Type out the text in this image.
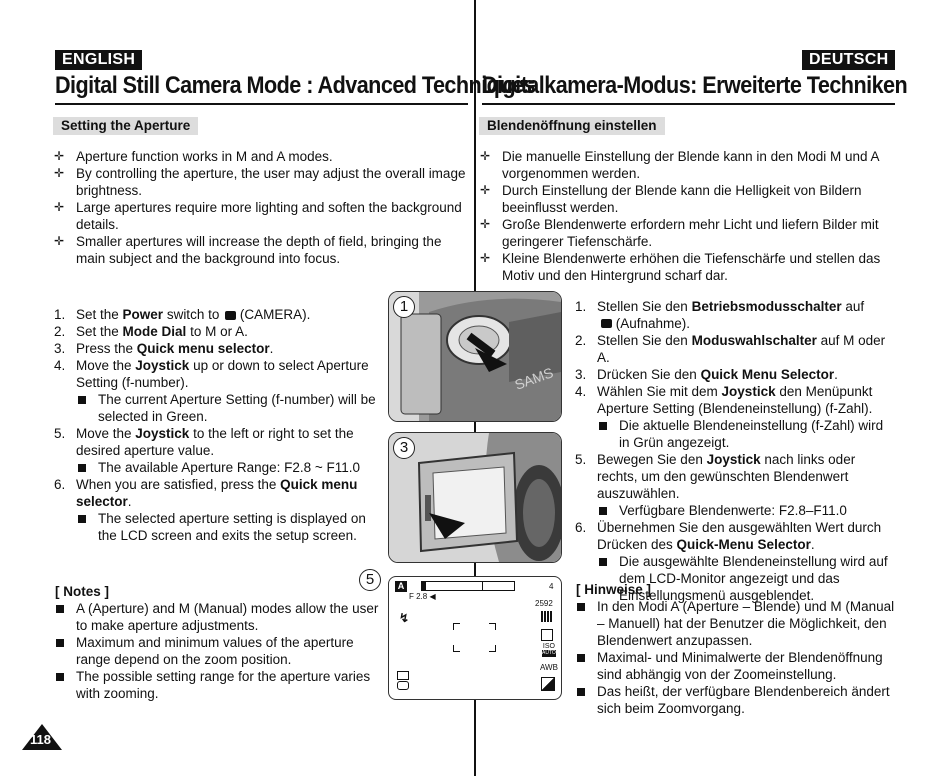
ENGLISH	DEUTSCH
Digital Still Camera Mode : Advanced Techniques
Digitalkamera-Modus: Erweiterte Techniken
Setting the Aperture	Blendenöffnung einstellen
✛ Aperture function works in M and A modes.
✛ By controlling the aperture, the user may adjust the overall image brightness.
✛ Large apertures require more lighting and soften the background details.
✛ Smaller apertures will increase the depth of field, bringing the main subject and the background into focus.
✛ Die manuelle Einstellung der Blende kann in den Modi M und A vorgenommen werden.
✛ Durch Einstellung der Blende kann die Helligkeit von Bildern beeinflusst werden.
✛ Große Blendenwerte erfordern mehr Licht und liefern Bilder mit geringerer Tiefenschärfe.
✛ Kleine Blendenwerte erhöhen die Tiefenschärfe und stellen das Motiv und den Hintergrund scharf dar.
1. Set the Power switch to  (CAMERA).
2. Set the Mode Dial to M or A.
3. Press the Quick menu selector.
4. Move the Joystick up or down to select Aperture Setting (f-number).
The current Aperture Setting (f-number) will be selected in Green.
5. Move the Joystick to the left or right to set the desired aperture value.
The available Aperture Range: F2.8 ~ F11.0
6. When you are satisfied, press the Quick menu selector.
The selected aperture setting is displayed on the LCD screen and exits the setup screen.
1. Stellen Sie den Betriebsmodusschalter auf
(Aufnahme).
2. Stellen Sie den Moduswahlschalter auf M oder A.
3. Drücken Sie den Quick Menu Selector.
4. Wählen Sie mit dem Joystick den Menüpunkt Aperture Setting (Blendeneinstellung) (f-Zahl).
Die aktuelle Blendeneinstellung (f-Zahl) wird in Grün angezeigt.
5. Bewegen Sie den Joystick nach links oder rechts, um den gewünschten Blendenwert auszuwählen.
Verfügbare Blendenwerte: F2.8–F11.0
6. Übernehmen Sie den ausgewählten Wert durch Drücken des Quick-Menu Selector.
Die ausgewählte Blendeneinstellung wird auf dem LCD-Monitor angezeigt und das Einstellungsmenü ausgeblendet.
[ Notes ]
A (Aperture) and M (Manual) modes allow the user to make aperture adjustments.
Maximum and minimum values of the aperture range depend on the zoom position.
The possible setting range for the aperture varies with zooming.
[ Hinweise ]
In den Modi A (Aperture – Blende) und M (Manual – Manuell) hat der Benutzer die Möglichkeit, den Blendenwert anzupassen.
Maximal- und Minimalwerte der Blendenöffnung sind abhängig von der Zoomeinstellung.
Das heißt, der verfügbare Blendenbereich ändert sich beim Zoomvorgang.
SAMS
1
3
5	A
F 2.8 ◀
4
2592
ISO
AUTO
AWB
↯
118
